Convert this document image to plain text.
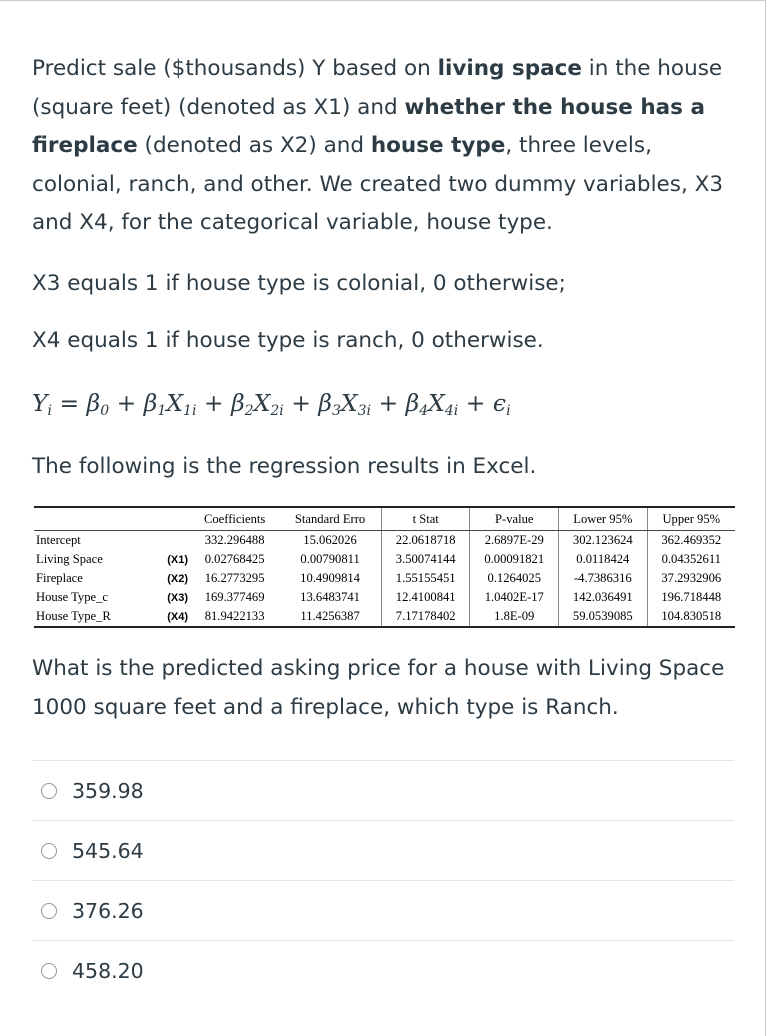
Predict sale ($thousands) Y based on living space in the house (square feet) (denoted as X1) and whether the house has a fireplace (denoted as X2) and house type, three levels, colonial, ranch, and other. We created two dummy variables, X3 and X4, for the categorical variable, house type.

X3 equals 1 if house type is colonial, 0 otherwise;

X4 equals 1 if house type is ranch, 0 otherwise.

$Y_i = \beta_0 + \beta_1X_{1i} + \beta_2X_{2i} + \beta_3X_{3i} + \beta_4X_{4i} + \epsilon_i$

The following is the regression results in Excel.

	Coefficients	Standard Erro	t Stat	P-value	Lower 95%	Upper 95%
Intercept	332.296488	15.062026	22.0618718	2.6897E-29	302.123624	362.469352
Living Space (X1)	0.02768425	0.00790811	3.50074144	0.00091821	0.0118424	0.04352611
Fireplace (X2)	16.2773295	10.4909814	1.55155451	0.1264025	-4.7386316	37.2932906
House Type_c (X3)	169.377469	13.6483741	12.4100841	1.0402E-17	142.036491	196.718448
House Type_R (X4)	81.9422133	11.4256387	7.17178402	1.8E-09	59.0539085	104.830518

What is the predicted asking price for a house with Living Space 1000 square feet and a fireplace, which type is Ranch.

359.98
545.64
376.26
458.20
